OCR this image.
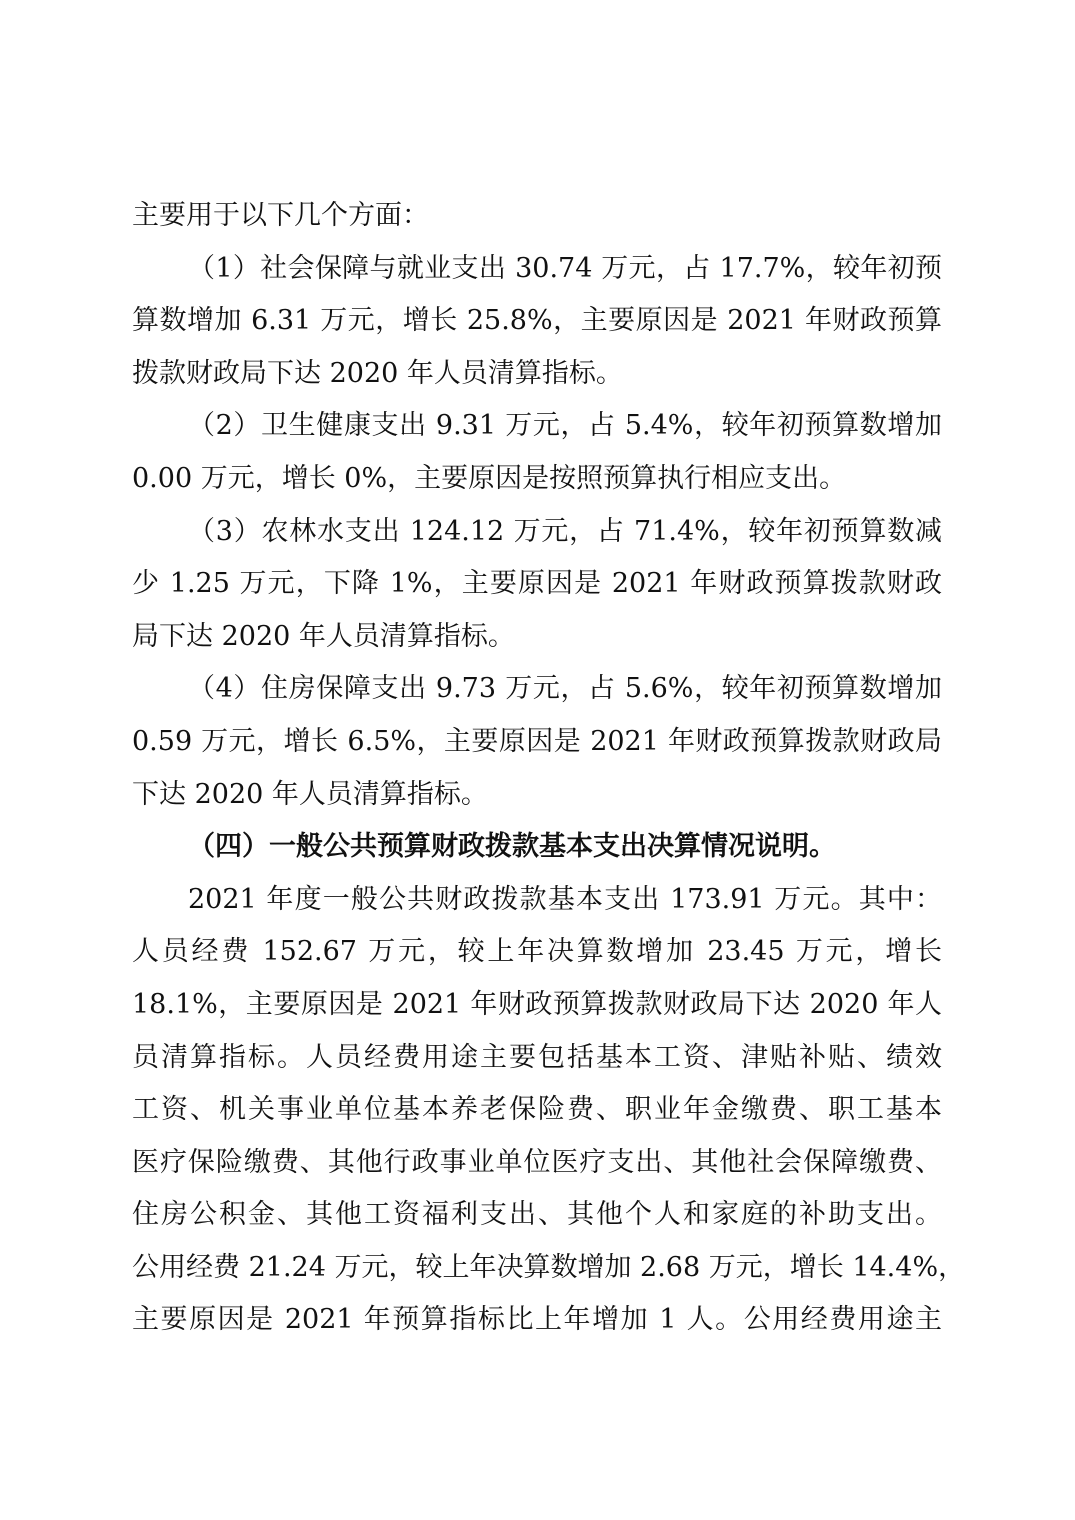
主要用于以下几个方面：
（1）社会保障与就业支出 30.74 万元，占 17.7%，较年初预
算数增加 6.31 万元，增长 25.8%，主要原因是 2021 年财政预算
拨款财政局下达 2020 年人员清算指标。
（2）卫生健康支出 9.31 万元，占 5.4%，较年初预算数增加
0.00 万元，增长 0%，主要原因是按照预算执行相应支出。
（3）农林水支出 124.12 万元，占 71.4%，较年初预算数减
少 1.25 万元，下降 1%，主要原因是 2021 年财政预算拨款财政
局下达 2020 年人员清算指标。
（4）住房保障支出 9.73 万元，占 5.6%，较年初预算数增加
0.59 万元，增长 6.5%，主要原因是 2021 年财政预算拨款财政局
下达 2020 年人员清算指标。
（四）一般公共预算财政拨款基本支出决算情况说明。
2021 年度一般公共财政拨款基本支出 173.91 万元。其中：
人员经费 152.67 万元，较上年决算数增加 23.45 万元，增长
18.1%，主要原因是 2021 年财政预算拨款财政局下达 2020 年人
员清算指标。人员经费用途主要包括基本工资、津贴补贴、绩效
工资、机关事业单位基本养老保险费、职业年金缴费、职工基本
医疗保险缴费、其他行政事业单位医疗支出、其他社会保障缴费、
住房公积金、其他工资福利支出、其他个人和家庭的补助支出。
公用经费 21.24 万元，较上年决算数增加 2.68 万元，增长 14.4%，
主要原因是 2021 年预算指标比上年增加 1 人。公用经费用途主
